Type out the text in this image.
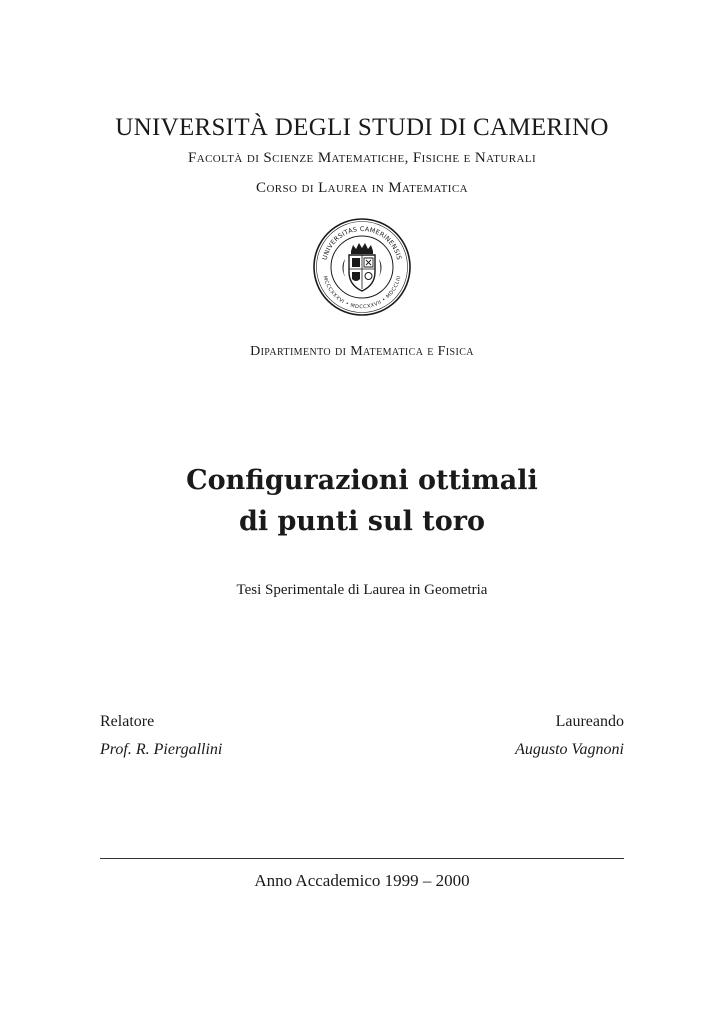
UNIVERSITÀ DEGLI STUDI DI CAMERINO
Facoltà di Scienze Matematiche, Fisiche e Naturali
Corso di Laurea in Matematica
UNIVERSITAS CAMERINENSIS
MCCCXXXVI • MDCCXXVII • MDCCLIII
Dipartimento di Matematica e Fisica
Configurazioni ottimali
di punti sul toro
Tesi Sperimentale di Laurea in Geometria
Relatore
Prof. R. Piergallini
Laureando
Augusto Vagnoni
Anno Accademico 1999 – 2000
